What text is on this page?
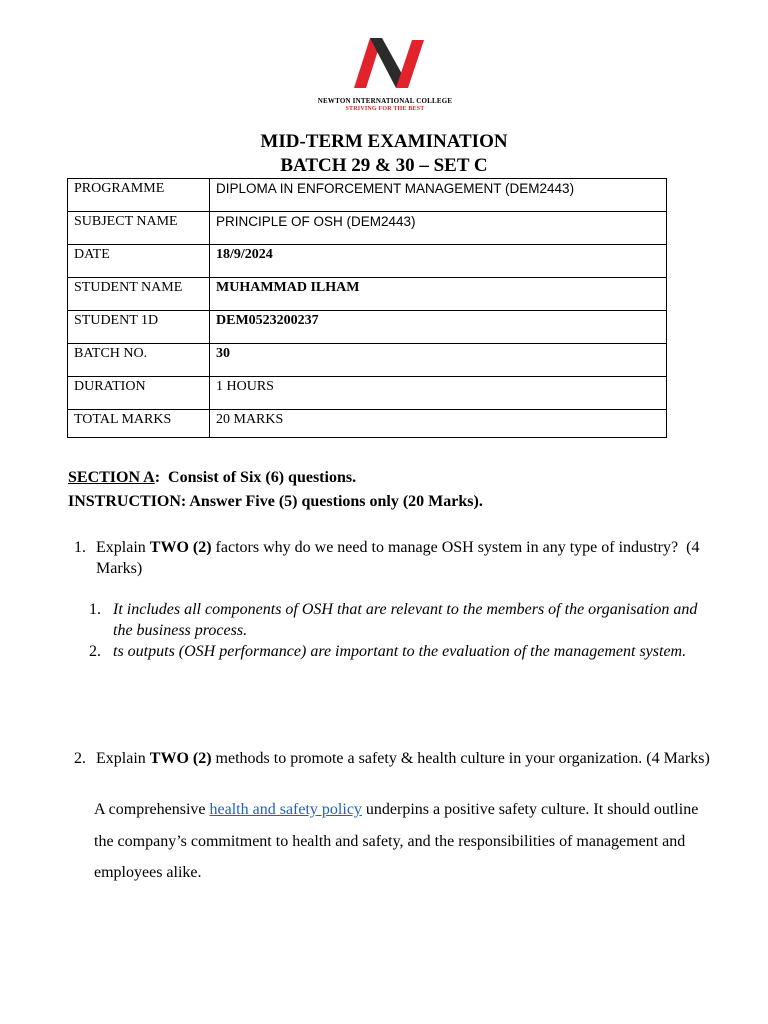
NEWTON INTERNATIONAL COLLEGE
STRIVING FOR THE BEST
MID-TERM EXAMINATION
BATCH 29 & 30 – SET C
PROGRAMME	DIPLOMA IN ENFORCEMENT MANAGEMENT (DEM2443)
SUBJECT NAME	PRINCIPLE OF OSH (DEM2443)
DATE	18/9/2024
STUDENT NAME	MUHAMMAD ILHAM
STUDENT 1D	DEM0523200237
BATCH NO.	30
DURATION	1 HOURS
TOTAL MARKS	20 MARKS
SECTION A:  Consist of Six (6) questions.
INSTRUCTION: Answer Five (5) questions only (20 Marks).
1. Explain TWO (2) factors why do we need to manage OSH system in any type of industry?  (4 Marks)
1. It includes all components of OSH that are relevant to the members of the organisation and the business process.
2. ts outputs (OSH performance) are important to the evaluation of the management system.
2. Explain TWO (2) methods to promote a safety & health culture in your organization. (4 Marks)
A comprehensive health and safety policy underpins a positive safety culture. It should outline the company’s commitment to health and safety, and the responsibilities of management and employees alike.
